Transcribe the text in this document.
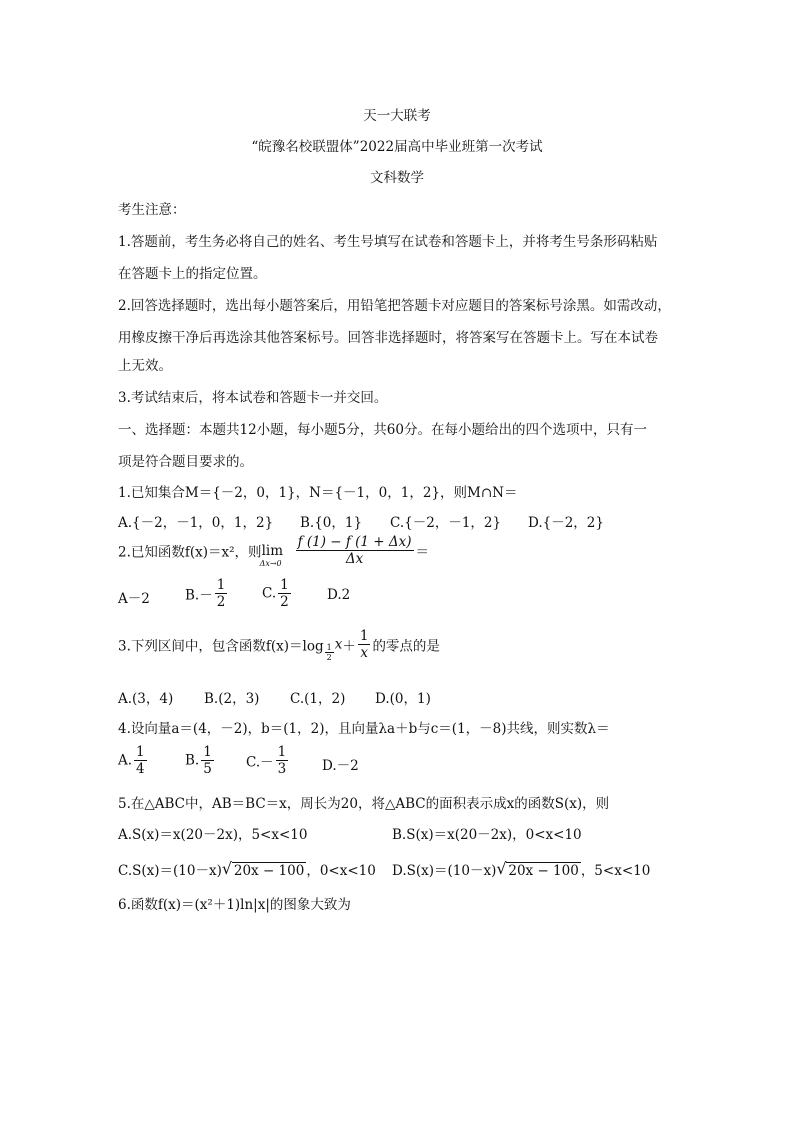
天一大联考
“皖豫名校联盟体”2022届高中毕业班第一次考试
文科数学
考生注意：
1.答题前，考生务必将自己的姓名、考生号填写在试卷和答题卡上，并将考生号条形码粘贴
在答题卡上的指定位置。
2.回答选择题时，选出每小题答案后，用铅笔把答题卡对应题目的答案标号涂黑。如需改动，
用橡皮擦干净后再选涂其他答案标号。回答非选择题时，将答案写在答题卡上。写在本试卷
上无效。
3.考试结束后，将本试卷和答题卡一并交回。
一、选择题：本题共12小题，每小题5分，共60分。在每小题给出的四个选项中，只有一
项是符合题目要求的。
1.已知集合M＝{－2，0，1}，N＝{－1，0，1，2}，则M∩N＝
A.{－2，－1，0，1，2} B.{0，1} C.{－2，－1，2} D.{－2，2}
2.已知函数f(x)＝x²，则 lim
$\Delta x\to 0 \frac{f (1) - f (1 + \Delta x)}{\Delta x}$ ＝
A－2	$B.- \frac{1}{2}$	C. $\frac{1}{2}$	D.2
3.下列区间中，包含函数$f(x)=\log \frac{1}{2} x+ \frac{1}{x}$ 的零点的是
A.(3，4) B.(2，3) C.(1，2) D.(0，1)
4.设向量a＝(4，－2)，b＝(1，2)，且向量λa＋b与c＝(1，－8)共线，则实数λ＝
A. $\frac{1}{4}$	B. $\frac{1}{5} C.- \frac{1}{3}$	D.－2
5.在△ABC中，AB＝BC＝x，周长为20，将△ABC的面积表示成x的函数S(x)，则
A.S(x)＝x(20－2x)，5<x<10	B.S(x)＝x(20－2x)，0<x<10
C.S(x)＝(10－x) √ 20x − 100 ，0<x<10 D.S(x)＝(10－x) √ 20x − 100 ，5<x<10
6.函数f(x)＝(x²＋1)ln|x|的图象大致为
